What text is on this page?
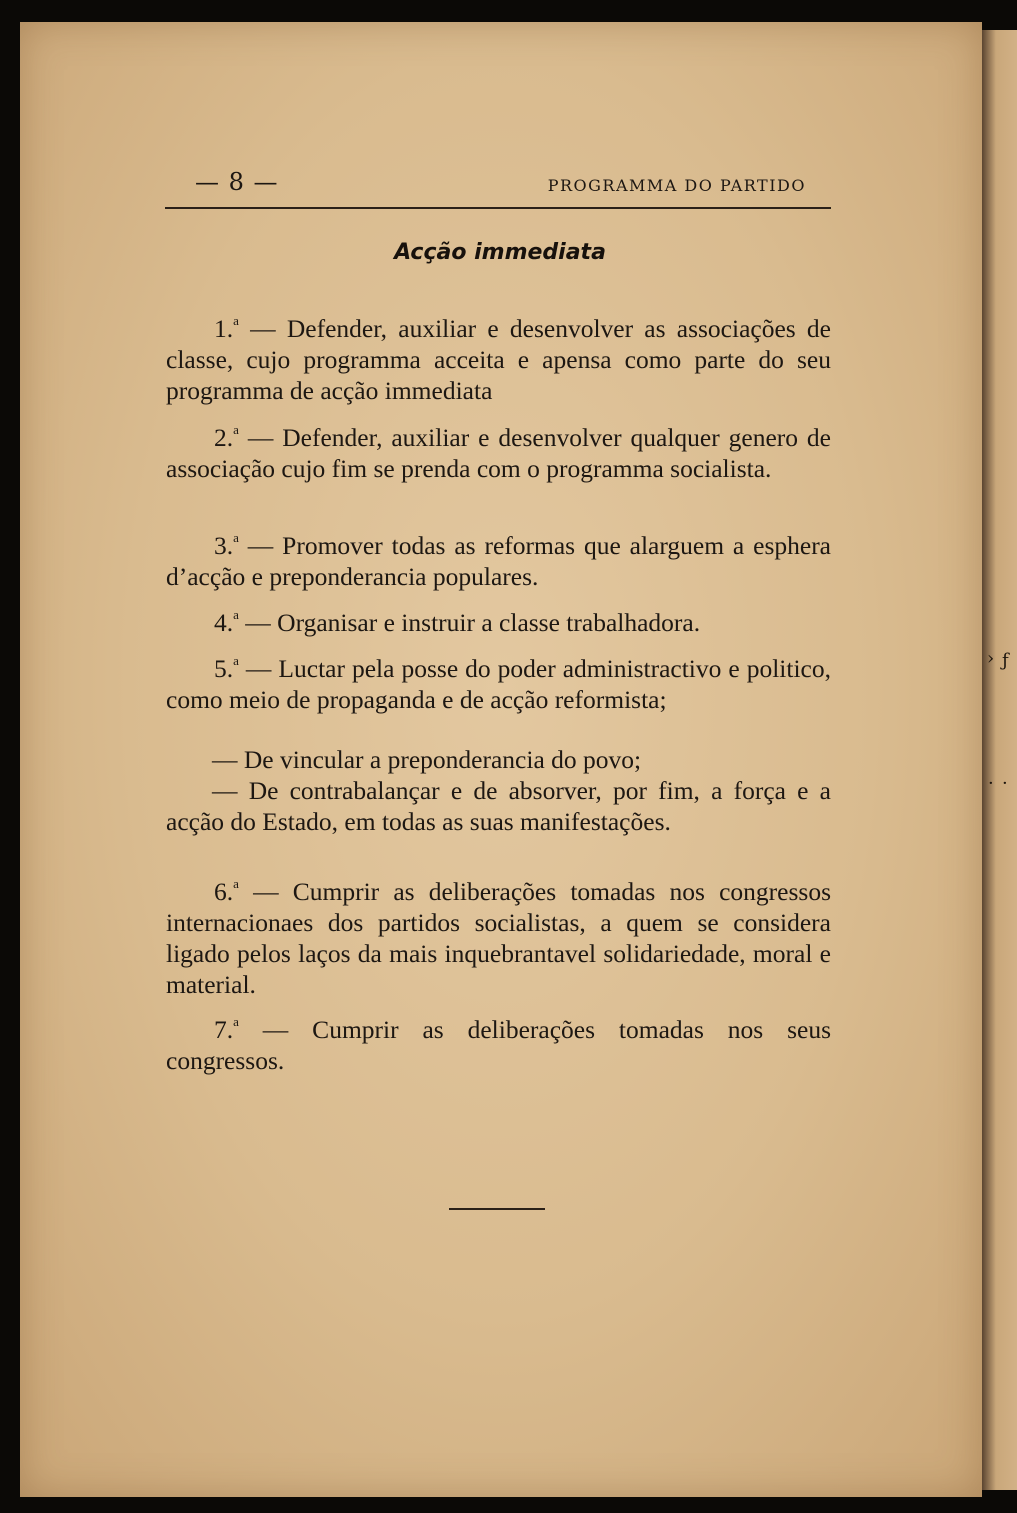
› ƒ
· ·
— 8 —	PROGRAMMA DO PARTIDO
Acção immediata

1.$^a$ — Defender, auxiliar e desenvolver as associações de classe, cujo programma acceita e apensa como parte do seu programma de acção immediata

2.$^a$ — Defender, auxiliar e desenvolver qualquer genero de associação cujo fim se prenda com o programma socialista.

3.$^a$ — Promover todas as reformas que alarguem a esphera d’acção e preponderancia populares.

4.$^a$ — Organisar e instruir a classe trabalhadora.

5.$^a$ — Luctar pela posse do poder administractivo e politico, como meio de propaganda e de acção reformista;

— De vincular a preponderancia do povo;

— De contrabalançar e de absorver, por fim, a força e a acção do Estado, em todas as suas manifestações.

6.$^a$ — Cumprir as deliberações tomadas nos congressos internacionaes dos partidos socialistas, a quem se considera ligado pelos laços da mais inquebrantavel solidariedade, moral e material.

7.$^a$ — Cumprir as deliberações tomadas nos seus congressos.
